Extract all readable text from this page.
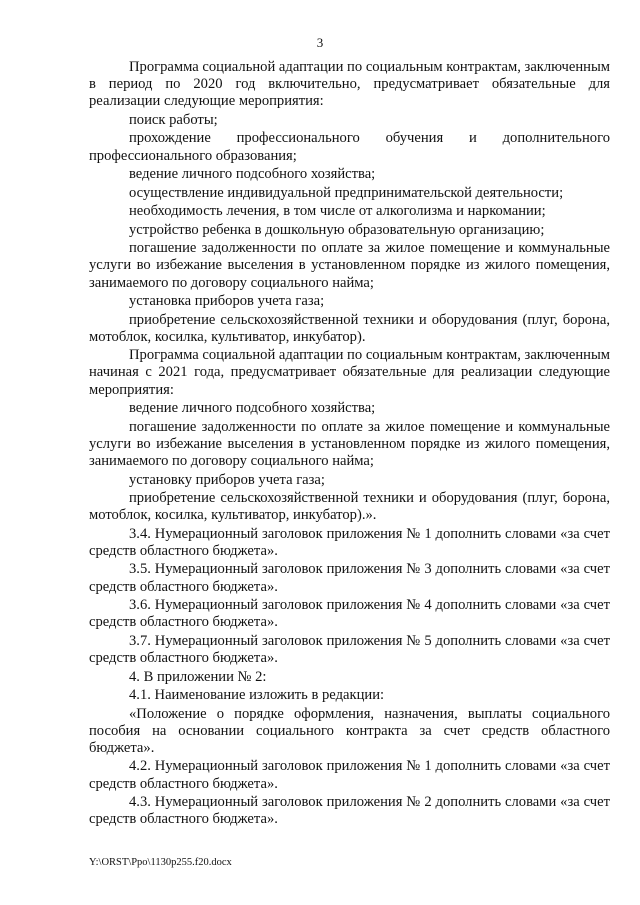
3

Программа социальной адаптации по социальным контрактам, заключенным в период по 2020 год включительно, предусматривает обязательные для реализации следующие мероприятия:

поиск работы;

прохождение профессионального обучения и дополнительного профессионального образования;

ведение личного подсобного хозяйства;

осуществление индивидуальной предпринимательской деятельности;

необходимость лечения, в том числе от алкоголизма и наркомании;

устройство ребенка в дошкольную образовательную организацию;

погашение задолженности по оплате за жилое помещение и коммунальные услуги во избежание выселения в установленном порядке из жилого помещения, занимаемого по договору социального найма;

установка приборов учета газа;

приобретение сельскохозяйственной техники и оборудования (плуг, борона, мотоблок, косилка, культиватор, инкубатор).

Программа социальной адаптации по социальным контрактам, заключенным начиная с 2021 года, предусматривает обязательные для реализации следующие мероприятия:

ведение личного подсобного хозяйства;

погашение задолженности по оплате за жилое помещение и коммунальные услуги во избежание выселения в установленном порядке из жилого помещения, занимаемого по договору социального найма;

установку приборов учета газа;

приобретение сельскохозяйственной техники и оборудования (плуг, борона, мотоблок, косилка, культиватор, инкубатор).».

3.4. Нумерационный заголовок приложения № 1 дополнить словами «за счет средств областного бюджета».

3.5. Нумерационный заголовок приложения № 3 дополнить словами «за счет средств областного бюджета».

3.6. Нумерационный заголовок приложения № 4 дополнить словами «за счет средств областного бюджета».

3.7. Нумерационный заголовок приложения № 5 дополнить словами «за счет средств областного бюджета».

4. В приложении № 2:

4.1. Наименование изложить в редакции:

«Положение о порядке оформления, назначения, выплаты социального пособия на основании социального контракта за счет средств областного бюджета».

4.2. Нумерационный заголовок приложения № 1 дополнить словами «за счет средств областного бюджета».

4.3. Нумерационный заголовок приложения № 2 дополнить словами «за счет средств областного бюджета».

Y:\ORST\Ppo\1130p255.f20.docx
